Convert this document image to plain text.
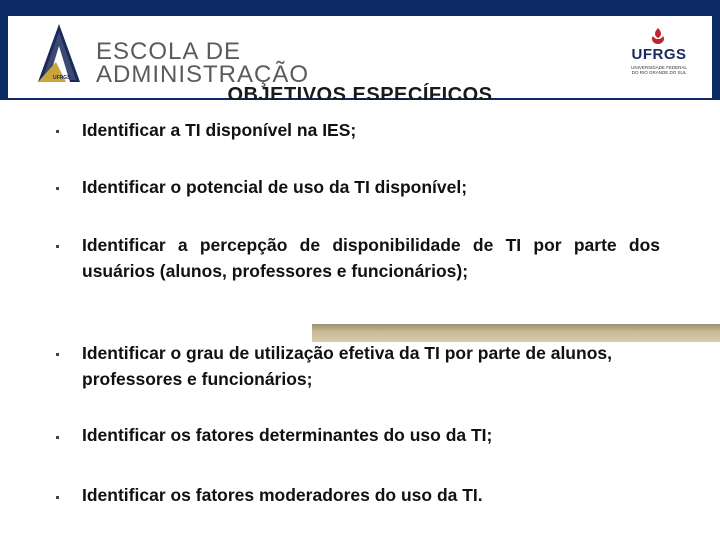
UFRGS
ESCOLA DE
ADMINISTRAÇÃO
UFRGS
UNIVERSIDADE FEDERAL DO RIO GRANDE DO SUL
OBJETIVOS ESPECÍFICOS
Identificar a TI disponível na IES;
Identificar o potencial de uso da TI disponível;
Identificar a percepção de disponibilidade de TI por parte dos usuários (alunos, professores e funcionários);
Identificar o grau de utilização efetiva da TI por parte de alunos, professores e funcionários;
Identificar os fatores determinantes do uso da TI;
Identificar os fatores moderadores do uso da TI.
